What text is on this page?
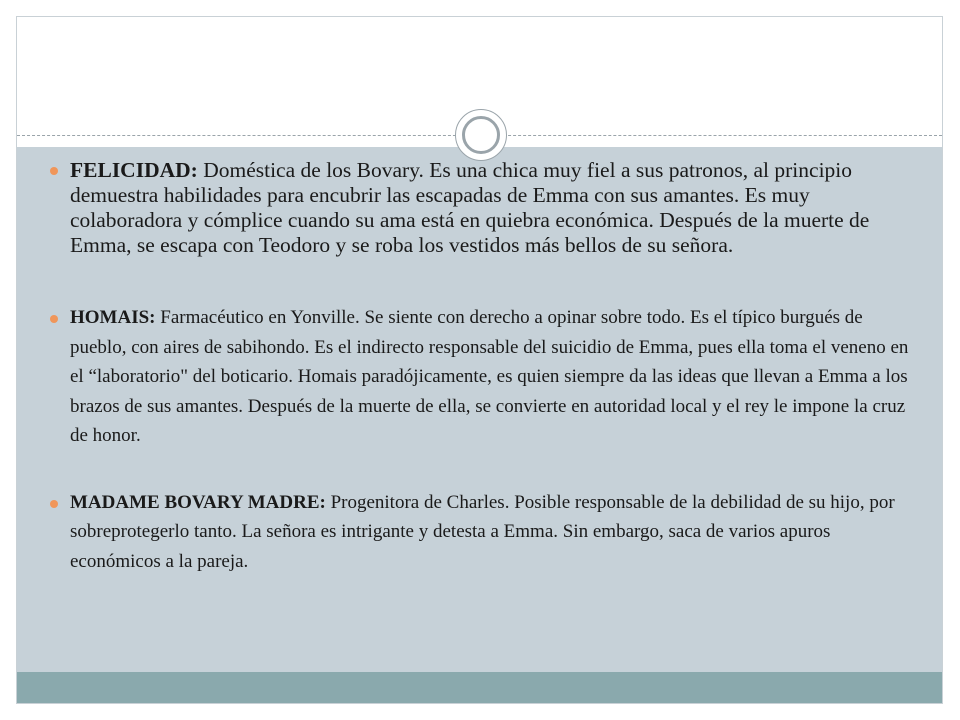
FELICIDAD: Doméstica de los Bovary. Es una chica muy fiel a sus patronos, al principio demuestra habilidades para encubrir las escapadas de Emma con sus amantes. Es muy colaboradora y cómplice cuando su ama está en quiebra económica. Después de la muerte de Emma, se escapa con Teodoro y se roba los vestidos más bellos de su señora.
HOMAIS: Farmacéutico en Yonville. Se siente con derecho a opinar sobre todo. Es el típico burgués de pueblo, con aires de sabihondo. Es el indirecto responsable del suicidio de Emma, pues ella toma el veneno en el “laboratorio" del boticario. Homais paradójicamente, es quien siempre da las ideas que llevan a Emma a los brazos de sus amantes. Después de la muerte de ella, se convierte en autoridad local y el rey le impone la cruz de honor.
MADAME BOVARY MADRE: Progenitora de Charles. Posible responsable de la debilidad de su hijo, por sobreprotegerlo tanto. La señora es intrigante y detesta a Emma. Sin embargo, saca de varios apuros económicos a la pareja.
